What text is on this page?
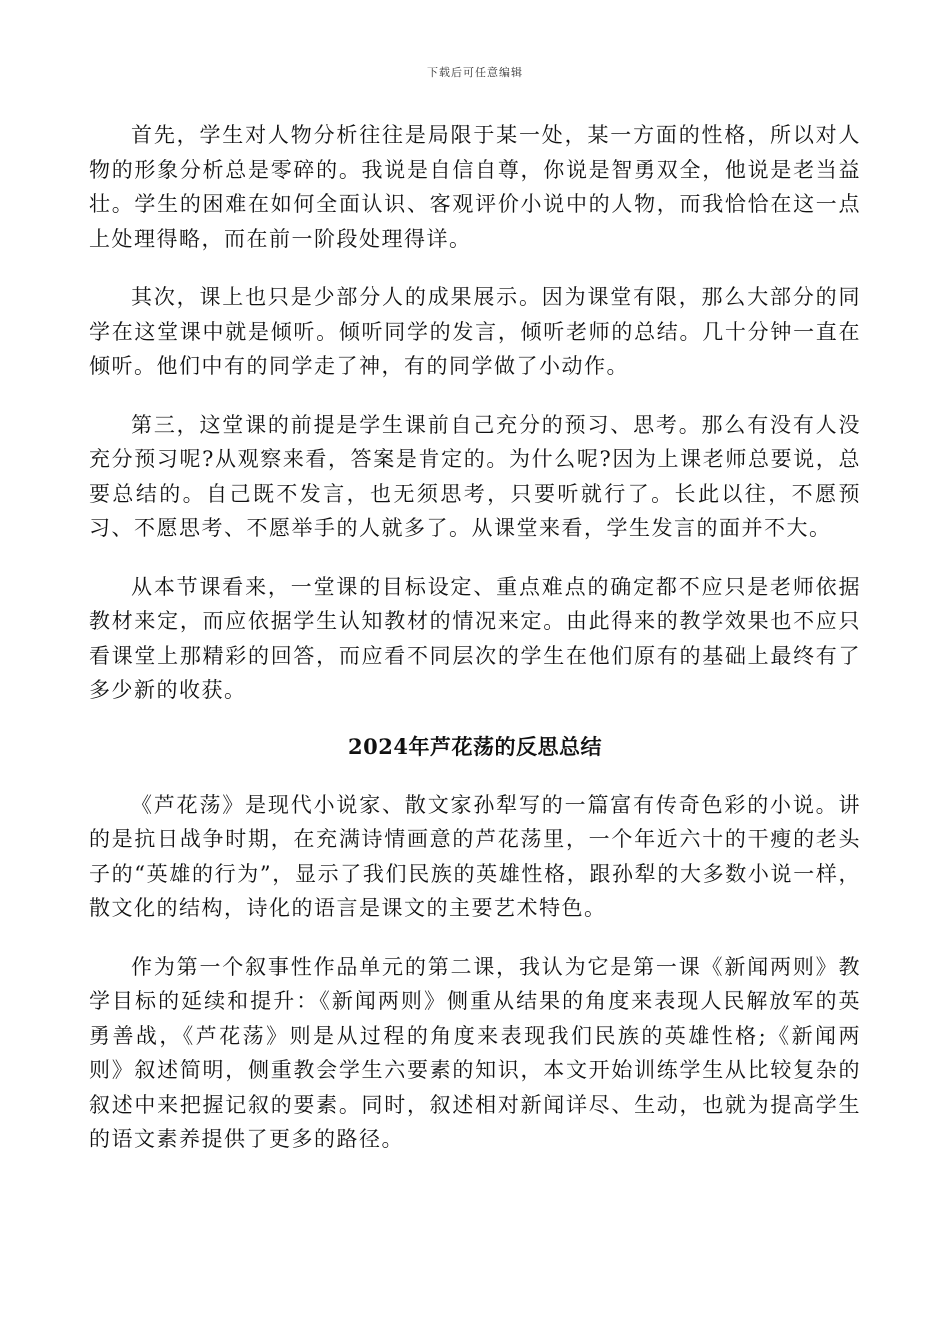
下载后可任意编辑

首先，学生对人物分析往往是局限于某一处，某一方面的性格，所以对人物的形象分析总是零碎的。我说是自信自尊，你说是智勇双全，他说是老当益壮。学生的困难在如何全面认识、客观评价小说中的人物，而我恰恰在这一点上处理得略，而在前一阶段处理得详。

其次，课上也只是少部分人的成果展示。因为课堂有限，那么大部分的同学在这堂课中就是倾听。倾听同学的发言，倾听老师的总结。几十分钟一直在倾听。他们中有的同学走了神，有的同学做了小动作。

第三，这堂课的前提是学生课前自己充分的预习、思考。那么有没有人没充分预习呢?从观察来看，答案是肯定的。为什么呢?因为上课老师总要说，总要总结的。自己既不发言，也无须思考，只要听就行了。长此以往，不愿预习、不愿思考、不愿举手的人就多了。从课堂来看，学生发言的面并不大。

从本节课看来，一堂课的目标设定、重点难点的确定都不应只是老师依据教材来定，而应依据学生认知教材的情况来定。由此得来的教学效果也不应只看课堂上那精彩的回答，而应看不同层次的学生在他们原有的基础上最终有了多少新的收获。

2024年芦花荡的反思总结

《芦花荡》是现代小说家、散文家孙犁写的一篇富有传奇色彩的小说。讲的是抗日战争时期，在充满诗情画意的芦花荡里，一个年近六十的干瘦的老头子的“英雄的行为”，显示了我们民族的英雄性格，跟孙犁的大多数小说一样，散文化的结构，诗化的语言是课文的主要艺术特色。

作为第一个叙事性作品单元的第二课，我认为它是第一课《新闻两则》教学目标的延续和提升：《新闻两则》侧重从结果的角度来表现人民解放军的英勇善战，《芦花荡》则是从过程的角度来表现我们民族的英雄性格;《新闻两则》叙述简明，侧重教会学生六要素的知识，本文开始训练学生从比较复杂的叙述中来把握记叙的要素。同时，叙述相对新闻详尽、生动，也就为提高学生的语文素养提供了更多的路径。
